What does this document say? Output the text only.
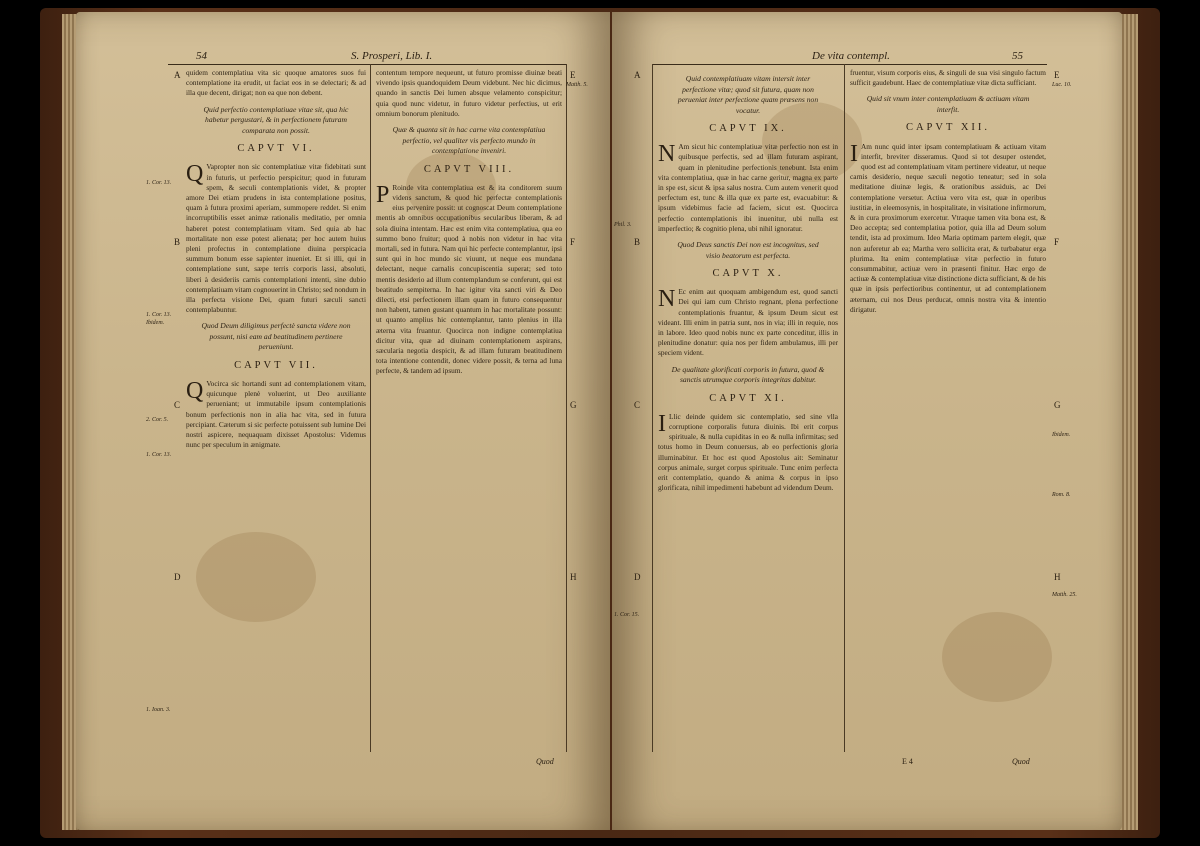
54	S. Prosperi, Lib. I.
A
B
C
D
E
F
G
H
Matth. 5.
1. Cor. 13.
1. Cor. 13. Ibidem.
2. Cor. 5.
1. Cor. 13.
1. Ioan. 3.

quidem contemplatiua vita sic quoque amatores suos fui contemplatione ita erudit, ut faciat eos in se delectari; & ad illa que decent, dirigat; non ea que non debent.

Quid perfectio contemplatiuae vitae sit, qua hic habetur pergustari, & in perfectionem futuram comparata non possit.
CAPVT VI.

Q Vapropter non sic contemplatiuæ vitæ fidebitati sunt in futuris, ut perfectio perspicitur; quod in futuram spem, & seculi contemplationis videt, & propter amore Dei etiam prudens in ista contemplatione positus, quam à futura proximi aperiam, summopere reddet. Si enim incorruptibilis esset animæ rationalis meditatio, per omnia haberet potest contemplatiuam vitam. Sed quia ab hac mortalitate non esse potest alienata; per hoc autem huius pleni profectus in contemplatione diuina perspicacia summum bonum esse sapienter inueniet. Et si illi, qui in contemplatione sunt, sæpe terris corporis lassi, absoluti, liberi à desideriis carnis contemplationi intenti, sine dubio contemplatiuam vitam cognouerint in Christo; sed nondum in illa perfecta visione Dei, quam futuri sæculi sancti contemplabuntur.

Quod Deum diligimus perfectè sancta videre non possunt, nisi eam ad beatitudinem pertinere perueniunt.
CAPVT VII.

Q Vocirca sic hortandi sunt ad contemplationem vitam, quicunque plenè voluerint, ut Deo auxiliante perueniant; ut immutabile ipsum contemplationis bonum perfectionis non in alia hac vita, sed in futura percipiant. Cæterum si sic perfecte potuissent sub lumine Dei nostri aspicere, nequaquam dixisset Apostolus: Videmus nunc per speculum in ænigmate.

contentum tempore nequeunt, ut futuro promisse diuinæ beati vivendo ipsis quandoquidem Deum videbunt. Nec hic dicimus, quando in sanctis Dei lumen absque velamento conspicitur; quia quod nunc videtur, in futuro videtur perfectius, ut erit omnium bonorum plenitudo.

Quæ & quanta sit in hac carne vita contemplatiua perfectio, vel qualiter vis perfecto mundo in contemplatione inveniri.
CAPVT VIII.

P Roinde vita contemplatiua est & ita conditorem suum videns sanctum, & quod hic perfectæ contemplationis eius pervenire possit: ut cognoscat Deum contemplatione mentis ab omnibus occupationibus secularibus liberam, & ad sola diuina intentam. Hæc est enim vita contemplatiua, qua eo summo bono fruitur; quod à nobis non videtur in hac vita mortali, sed in futura. Nam qui hic perfecte contemplantur, ipsi sunt qui in hoc mundo sic viuunt, ut neque eos mundana delectant, neque carnalis concupiscentia superat; sed toto mentis desiderio ad illum contemplandum se conferunt, qui est beatitudo sempiterna. In hac igitur vita sancti viri & Deo dilecti, etsi perfectionem illam quam in futuro consequentur non habent, tamen gustant quantum in hac mortalitate possunt: ut quanto amplius hic contemplantur, tanto plenius in illa æterna vita fruantur. Quocirca non indigne contemplatiua dicitur vita, quæ ad diuinam contemplationem aspirans, sæcularia negotia despicit, & ad illam futuram beatitudinem tota intentione contendit, donec videre possit, & terna ad luna perfecte, & tandem ad ipsum.

Quod
De vita contempl.	55
A
B
C
D
E
F
G
H
Phil. 3.
1. Cor. 15.
Luc. 10.
Ibidem.
Rom. 8.
Matth. 25.
Quid contemplatiuam vitam intersit inter perfectione vitæ; quod sit futura, quam non perueniat inter perfectione quam præsens non vocatur.
CAPVT IX.

N Am sicut hic contemplatiuæ vitæ perfectio non est in quibusque perfectis, sed ad illam futuram aspirant, quam in plenitudine perfectionis tenebunt. Ista enim vita contemplatiua, quæ in hac carne geritur, magna ex parte in spe est, sicut & ipsa salus nostra. Cum autem venerit quod perfectum est, tunc & illa quæ ex parte est, evacuabitur: & ipsum videbimus facie ad faciem, sicut est. Quocirca perfectio contemplationis ibi inuenitur, ubi nulla est imperfectio; & cognitio plena, ubi nihil ignoratur.

Quod Deus sanctis Dei non est incognitus, sed visio beatorum est perfecta.
CAPVT X.

N Ec enim aut quoquam ambigendum est, quod sancti Dei qui iam cum Christo regnant, plena perfectione contemplationis fruantur, & ipsum Deum sicut est videant. Illi enim in patria sunt, nos in via; illi in requie, nos in labore. Ideo quod nobis nunc ex parte conceditur, illis in plenitudine donatur: quia nos per fidem ambulamus, illi per speciem vident.

De qualitate glorificati corporis in futura, quod & sanctis utrumque corporis integritas dabitur.
CAPVT XI.

I Llic deinde quidem sic contemplatio, sed sine vlla corruptione corporalis futura diuinis. Ibi erit corpus spirituale, & nulla cupiditas in eo & nulla infirmitas; sed totus homo in Deum conuersus, ab eo perfectionis gloria illuminabitur. Et hoc est quod Apostolus ait: Seminatur corpus animale, surget corpus spirituale. Tunc enim perfecta erit contemplatio, quando & anima & corpus in ipso glorificata, nihil impedimenti habebunt ad videndum Deum.

fruentur, visum corporis eius, & singuli de sua visi singulo factum sufficit gaudebunt. Haec de contemplatiuæ vitæ dicta sufficiant.

Quid sit vnum inter contemplatiuam & actiuam vitam interfit.
CAPVT XII.

I Am nunc quid inter ipsam contemplatiuam & actiuam vitam interfit, breviter disseramus. Quod si tot desuper ostendet, quod est ad contemplatiuam vitam pertinere videatur, ut neque carnis desiderio, neque sæculi negotio teneatur; sed in sola meditatione diuinæ legis, & orationibus assiduis, ac Dei contemplatione versetur. Actiua vero vita est, quæ in operibus iustitiæ, in eleemosynis, in hospitalitate, in visitatione infirmorum, & in cura proximorum exercetur. Vtraque tamen vita bona est, & Deo accepta; sed contemplatiua potior, quia illa ad Deum solum tendit, ista ad proximum. Ideo Maria optimam partem elegit, quæ non auferetur ab ea; Martha vero sollicita erat, & turbabatur erga plurima. Ita enim contemplatiuæ vitæ perfectio in futuro consummabitur, actiuæ vero in præsenti finitur. Hæc ergo de actiuæ & contemplatiuæ vitæ distinctione dicta sufficiant, & de his quæ in ipsis perfectioribus continentur, ut ad contemplationem æternam, cui nos Deus perducat, omnis nostra vita & intentio dirigatur.

E 4	Quod
